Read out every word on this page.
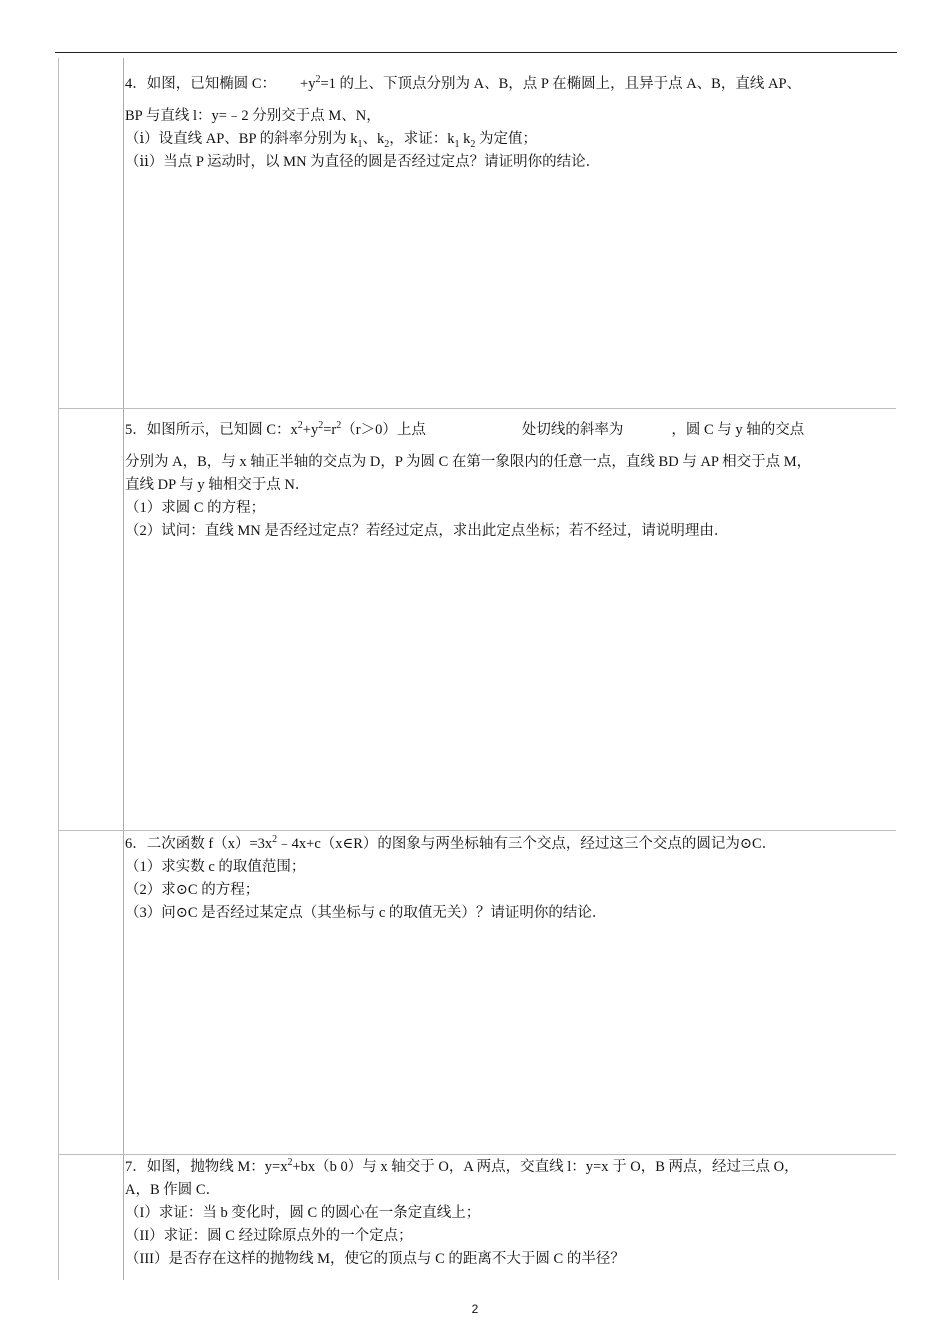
4．如图，已知椭圆 C： $+y^2=1$ 的上、下顶点分别为 A、B，点 P 在椭圆上，且异于点 A、B，直线 AP、

BP 与直线 l：y=﹣2 分别交于点 M、N，

（ⅰ）设直线 AP、BP 的斜率分别为 $k_1$、$k_2$，求证：$k_1$ $k_2$ 为定值；

（ⅱ）当点 P 运动时，以 MN 为直径的圆是否经过定点？请证明你的结论．

5．如图所示，已知圆 C：$x^2+y^2=r^2(r>0)$上点	处切线的斜率为	，圆 C 与 y 轴的交点

分别为 A，B，与 x 轴正半轴的交点为 D，P 为圆 C 在第一象限内的任意一点，直线 BD 与 AP 相交于点 M，

直线 DP 与 y 轴相交于点 N．

（1）求圆 C 的方程；

（2）试问：直线 MN 是否经过定点？若经过定点，求出此定点坐标；若不经过，请说明理由．

6．二次函数 $f(x)=3x^2﹣4x+c(x\in R)$的图象与两坐标轴有三个交点，经过这三个交点的圆记为⊙C．

（1）求实数 c 的取值范围；

（2）求⊙C 的方程；

（3）问⊙C 是否经过某定点（其坐标与 c 的取值无关）？请证明你的结论．

7．如图，抛物线 M：$y=x^2+bx(b$ 0）与 x 轴交于 O，A 两点，交直线 l：y=x 于 O，B 两点，经过三点 O，

A，B 作圆 C．

（I）求证：当 b 变化时，圆 C 的圆心在一条定直线上；

（II）求证：圆 C 经过除原点外的一个定点；

（III）是否存在这样的抛物线 M，使它的顶点与 C 的距离不大于圆 C 的半径？

2
